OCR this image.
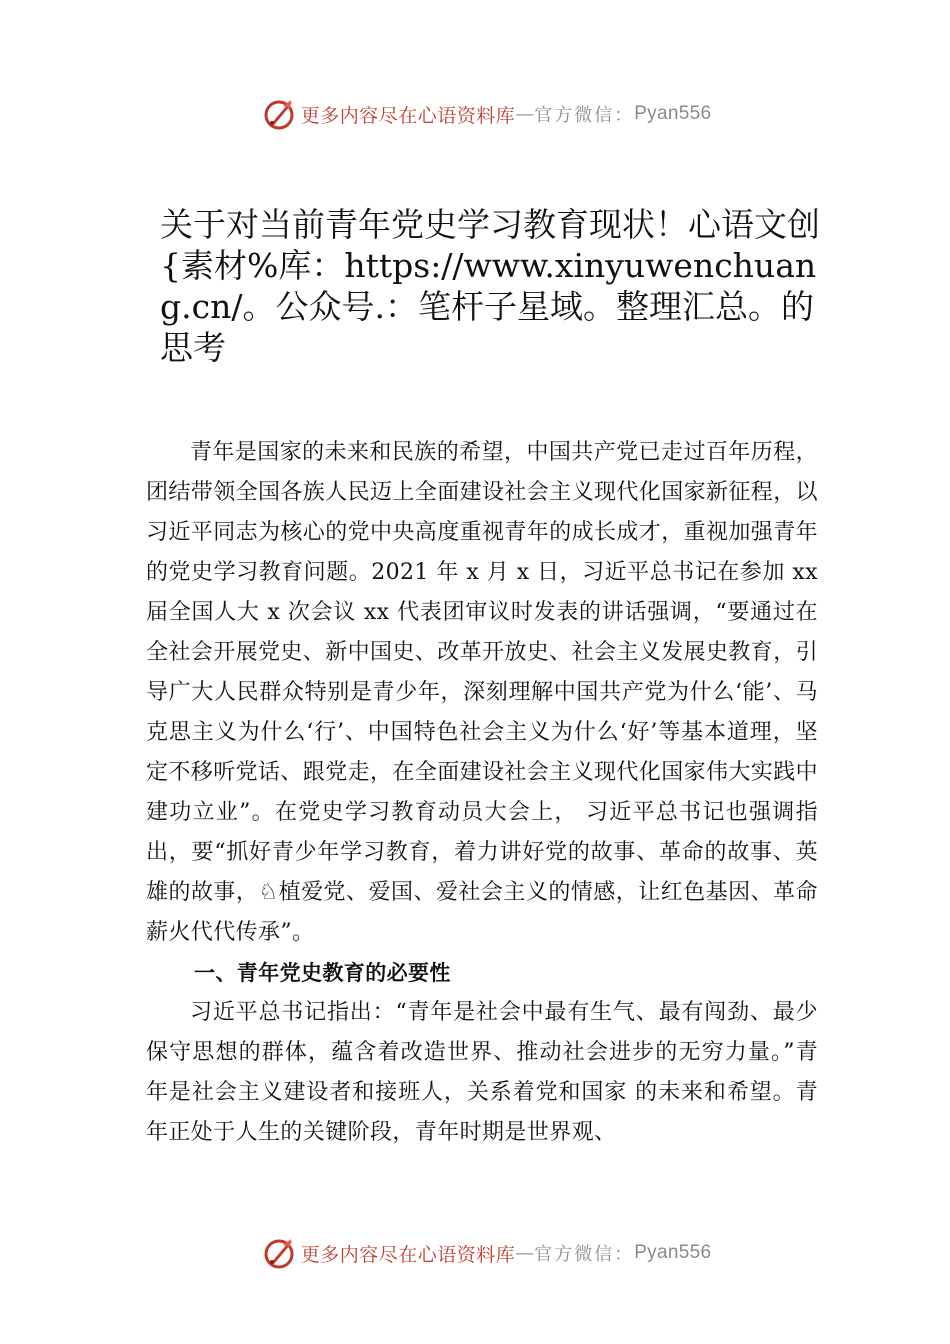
更多内容尽在心语资料库 — 官方微信： Pyan556
关于对当前青年党史学习教育现状！心语文创{素材%库：https://www.xinyuwenchuang.cn/。公众号.：笔杆子星域。整理汇总。的思考

青年是国家的未来和民族的希望，中国共产党已走过百年历程，团结带领全国各族人民迈上全面建设社会主义现代化国家新征程，以习近平同志为核心的党中央高度重视青年的成长成才，重视加强青年的党史学习教育问题。2021 年 x 月 x 日，习近平总书记在参加 xx 届全国人大 x 次会议 xx 代表团审议时发表的讲话强调，“要通过在全社会开展党史、新中国史、改革开放史、社会主义发展史教育，引导广大人民群众特别是青少年，深刻理解中国共产党为什么‘能’、马克思主义为什么‘行’、中国特色社会主义为什么‘好’等基本道理，坚定不移听党话、跟党走，在全面建设社会主义现代化国家伟大实践中建功立业”。在党史学习教育动员大会上， 习近平总书记也强调指出，要“抓好青少年学习教育，着力讲好党的故事、革命的故事、英雄的故事，♘植爱党、爱国、爱社会主义的情感，让红色基因、革命薪火代代传承”。

一、青年党史教育的必要性

习近平总书记指出：“青年是社会中最有生气、最有闯劲、最少保守思想的群体，蕴含着改造世界、推动社会进步的无穷力量。”青年是社会主义建设者和接班人，关系着党和国家 的未来和希望。青年正处于人生的关键阶段，青年时期是世界观、

更多内容尽在心语资料库 — 官方微信： Pyan556
